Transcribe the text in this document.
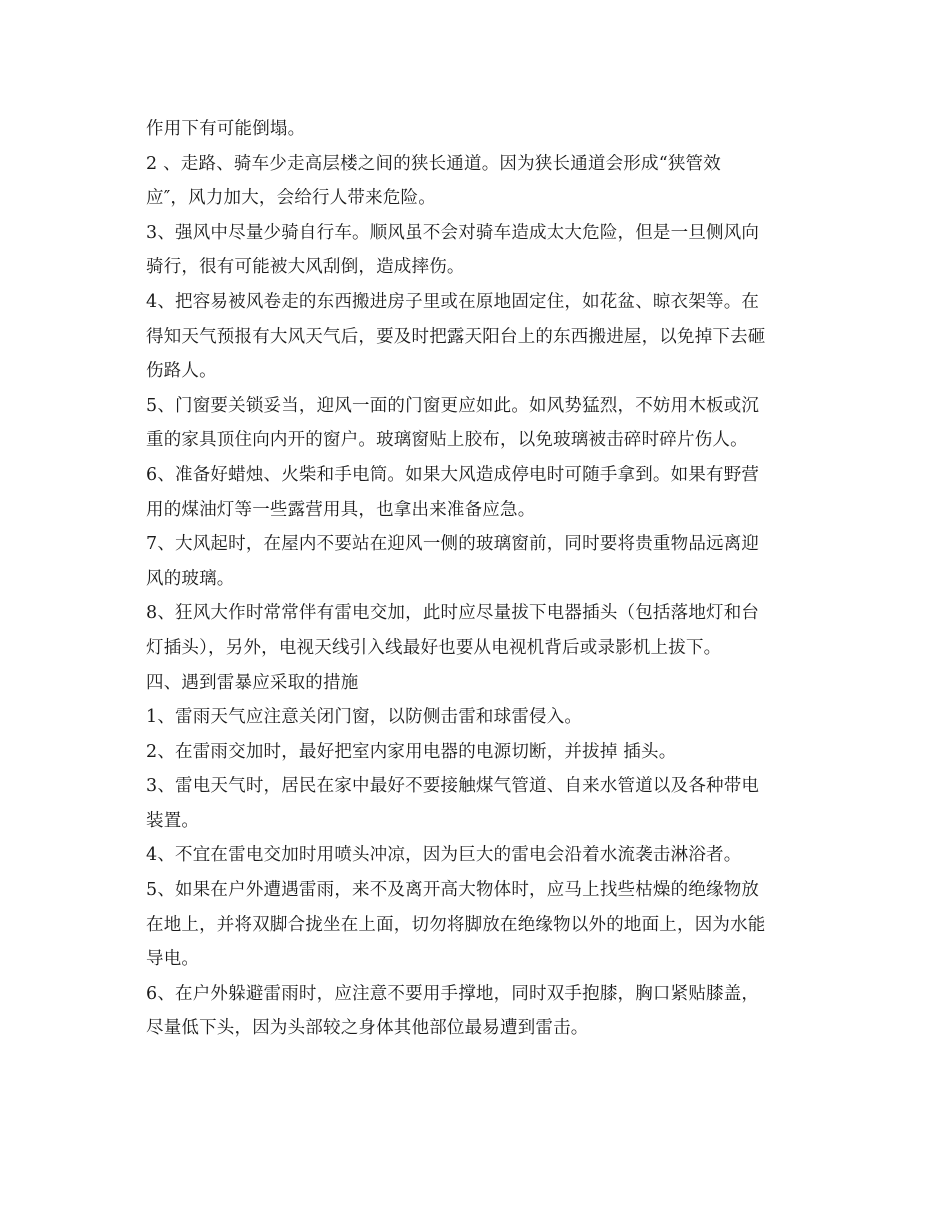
作用下有可能倒塌。
2 、走路、骑车少走高层楼之间的狭长通道。因为狭长通道会形成“狭管效
应″，风力加大，会给行人带来危险。
3、强风中尽量少骑自行车。顺风虽不会对骑车造成太大危险，但是一旦侧风向
骑行，很有可能被大风刮倒，造成摔伤。
4、把容易被风卷走的东西搬进房子里或在原地固定住，如花盆、晾衣架等。在
得知天气预报有大风天气后，要及时把露天阳台上的东西搬进屋，以免掉下去砸
伤路人。
5、门窗要关锁妥当，迎风一面的门窗更应如此。如风势猛烈，不妨用木板或沉
重的家具顶住向内开的窗户。玻璃窗贴上胶布，以免玻璃被击碎时碎片伤人。
6、准备好蜡烛、火柴和手电筒。如果大风造成停电时可随手拿到。如果有野营
用的煤油灯等一些露营用具，也拿出来准备应急。
7、大风起时，在屋内不要站在迎风一侧的玻璃窗前，同时要将贵重物品远离迎
风的玻璃。
8、狂风大作时常常伴有雷电交加，此时应尽量拔下电器插头（包括落地灯和台
灯插头），另外，电视天线引入线最好也要从电视机背后或录影机上拔下。
四、遇到雷暴应采取的措施
1、雷雨天气应注意关闭门窗，以防侧击雷和球雷侵入。
2、在雷雨交加时，最好把室内家用电器的电源切断，并拔掉 插头。
3、雷电天气时，居民在家中最好不要接触煤气管道、自来水管道以及各种带电
装置。
4、不宜在雷电交加时用喷头冲凉，因为巨大的雷电会沿着水流袭击淋浴者。
5、如果在户外遭遇雷雨，来不及离开高大物体时，应马上找些枯燥的绝缘物放
在地上，并将双脚合拢坐在上面，切勿将脚放在绝缘物以外的地面上，因为水能
导电。
6、在户外躲避雷雨时，应注意不要用手撑地，同时双手抱膝，胸口紧贴膝盖，
尽量低下头，因为头部较之身体其他部位最易遭到雷击。
